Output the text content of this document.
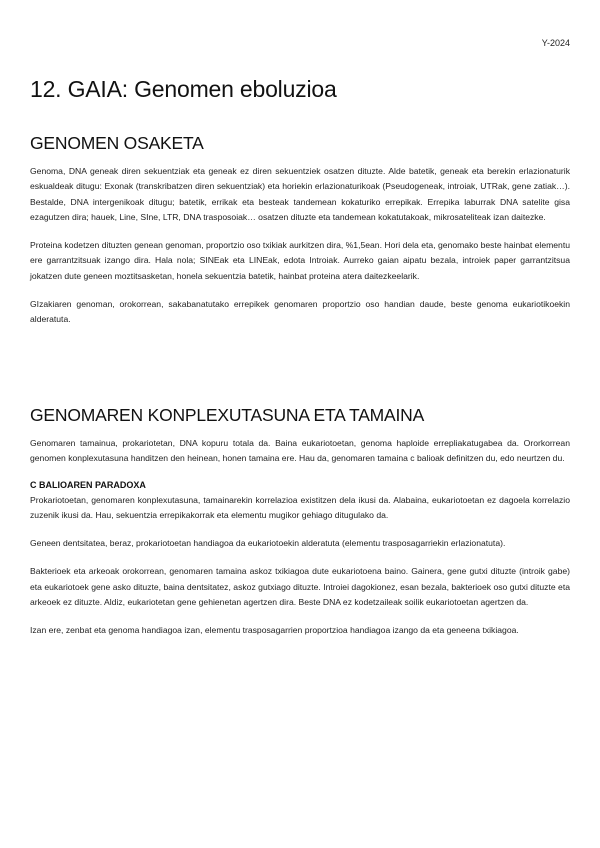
Y-2024
12. GAIA: Genomen eboluzioa
GENOMEN OSAKETA

Genoma, DNA geneak diren sekuentziak eta geneak ez diren sekuentziek osatzen dituzte. Alde batetik, geneak eta berekin erlazionaturik eskualdeak ditugu: Exonak (transkribatzen diren sekuentziak) eta horiekin erlazionaturikoak (Pseudogeneak, introiak, UTRak, gene zatiak…). Bestalde, DNA intergenikoak ditugu; batetik, errikak eta besteak tandemean kokaturiko errepikak. Errepika laburrak DNA satelite gisa ezagutzen dira; hauek, Line, SIne, LTR, DNA trasposoiak… osatzen dituzte eta tandemean kokatutakoak, mikrosateliteak izan daitezke.

Proteina kodetzen dituzten genean genoman, proportzio oso txikiak aurkitzen dira, %1,5ean. Hori dela eta, genomako beste hainbat elementu ere garrantzitsuak izango dira. Hala nola; SINEak eta LINEak, edota Introiak. Aurreko gaian aipatu bezala, introiek paper garrantzitsua jokatzen dute geneen moztitsasketan, honela sekuentzia batetik, hainbat proteina atera daitezkeelarik.

GIzakiaren genoman, orokorrean, sakabanatutako errepikek genomaren proportzio oso handian daude, beste genoma eukariotikoekin alderatuta.

GENOMAREN KONPLEXUTASUNA ETA TAMAINA

Genomaren tamainua, prokariotetan, DNA kopuru totala da. Baina eukariotoetan, genoma haploide errepliakatugabea da. Ororkorrean genomen konplexutasuna handitzen den heinean, honen tamaina ere. Hau da, genomaren tamaina c balioak definitzen du, edo neurtzen du.

C BALIOAREN PARADOXA

Prokariotoetan, genomaren konplexutasuna, tamainarekin korrelazioa existitzen dela ikusi da. Alabaina, eukariotoetan ez dagoela korrelazio zuzenik ikusi da. Hau, sekuentzia errepikakorrak eta elementu mugikor gehiago ditugulako da.

Geneen dentsitatea, beraz, prokariotoetan handiagoa da eukariotoekin alderatuta (elementu trasposagarriekin erlazionatuta).

Bakterioek eta arkeoak orokorrean, genomaren tamaina askoz txikiagoa dute eukariotoena baino. Gainera, gene gutxi dituzte (introik gabe) eta eukariotoek gene asko dituzte, baina dentsitatez, askoz gutxiago dituzte. Introiei dagokionez, esan bezala, bakterioek oso gutxi dituzte eta arkeoek ez dituzte. Aldiz, eukariotetan gene gehienetan agertzen dira. Beste DNA ez kodetzaileak soilik eukariotoetan agertzen da.

Izan ere, zenbat eta genoma handiagoa izan, elementu trasposagarrien proportzioa handiagoa izango da eta geneena txikiagoa.
